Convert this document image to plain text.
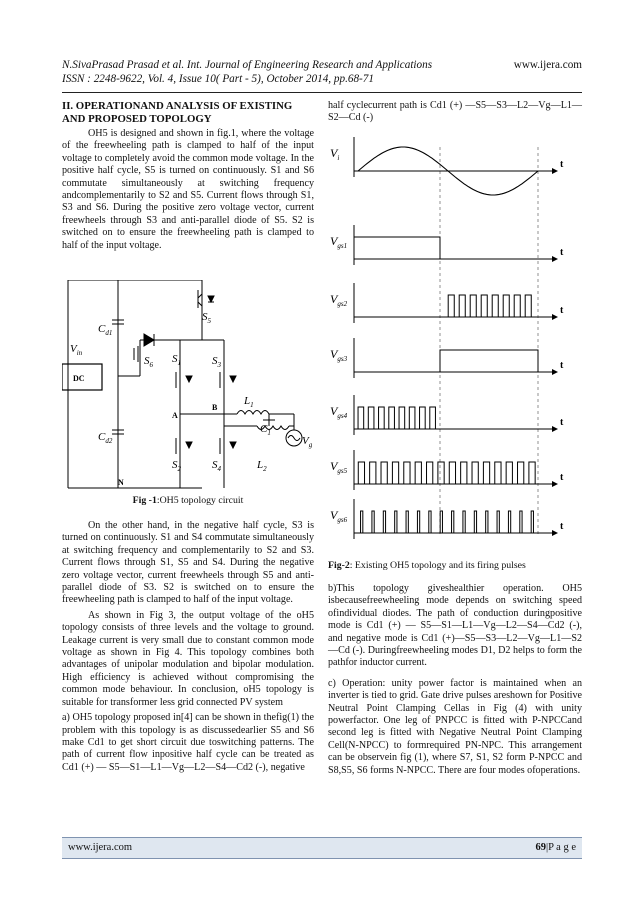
N.SivaPrasad Prasad et al. Int. Journal of Engineering Research and Applications	www.ijera.com
ISSN : 2248-9622, Vol. 4, Issue 10( Part - 5), October 2014, pp.68-71
II. OPERATIONAND ANALYSIS OF EXISTING AND PROPOSED TOPOLOGY

OH5 is designed and shown in fig.1, where the voltage of the freewheeling path is clamped to half of the input voltage to completely avoid the common mode voltage. In the positive half cycle, S5 is turned on continuously. S1 and S6 commutate simultaneously at switching frequency andcomplementarily to S2 and S5. Current flows through S1, S3 and S6. During the positive zero voltage vector, current freewheels through S3 and anti-parallel diode of S5. S2 is switched on to ensure the freewheeling path is clamped to half of the input voltage.

$V_{in}$
$C_{d1}$
$C_{d2}$
$S_5$
$S_6$ $S_1$	$S_3$
$S_2$	$S_4$
$L_1$
$L_2$
$C_1$
$V_g$
DC
A
B
N
Fig -1:OH5 topology circuit

On the other hand, in the negative half cycle, S3 is turned on continuously. S1 and S4 commutate simultaneously at switching frequency and complementarily to S2 and S3. Current flows through S1, S5 and S4. During the negative zero voltage vector, current freewheels through S5 and anti-parallel diode of S3. S2 is switched on to ensure the freewheeling path is clamped to half of the input voltage.

As shown in Fig 3, the output voltage of the oH5 topology consists of three levels and the voltage to ground. Leakage current is very small due to constant common mode voltage as shown in Fig 4. This topology combines both advantages of unipolar modulation and bipolar modulation. High efficiency is achieved without compromising the common mode behaviour. In conclusion, oH5 topology is suitable for transformer less grid connected PV system

a) OH5 topology proposed in[4] can be shown in thefig(1) the problem with this topology is as discussedearlier S5 and S6 make Cd1 to get short circuit due toswitching patterns. The path of current flow inpositive half cycle can be treated as Cd1 (+) — S5—S1—L1—Vg—L2—S4—Cd2 (-), negative

half cyclecurrent path is Cd1 (+) —S5—S3—L2—Vg—L1—S2—Cd (-)

t
$V_i$
t
$V_{gs1}$
t
$V_{gs2}$
t
$V_{gs3}$
t
$V_{gs4}$
t
$V_{gs5}$
t
$V_{gs6}$
Fig-2: Existing OH5 topology and its firing pulses

b)This topology giveshealthier operation. OH5 isbecausefreewheeling mode depends on switching speed ofindividual diodes. The path of conduction duringpositive mode is Cd1 (+) — S5—S1—L1—Vg—L2—S4—Cd2 (-), and negative mode is Cd1 (+)—S5—S3—L2—Vg—L1—S2—Cd (-). Duringfreewheeling modes D1, D2 helps to form the pathfor inductor current.

c) Operation: unity power factor is maintained when an inverter is tied to grid. Gate drive pulses areshown for Positive Neutral Point Clamping Cellas in Fig (4) with unity powerfactor. One leg of PNPCC is fitted with P-NPCCand second leg is fitted with Negative Neutral Point Clamping Cell(N-NPCC) to formrequired PN-NPC. This arrangement can be observein fig (1), where S7, S1, S2 form P-NPCC and S8,S5, S6 forms N-NPCC. There are four modes ofoperations.

www.ijera.com	69|P a g e
